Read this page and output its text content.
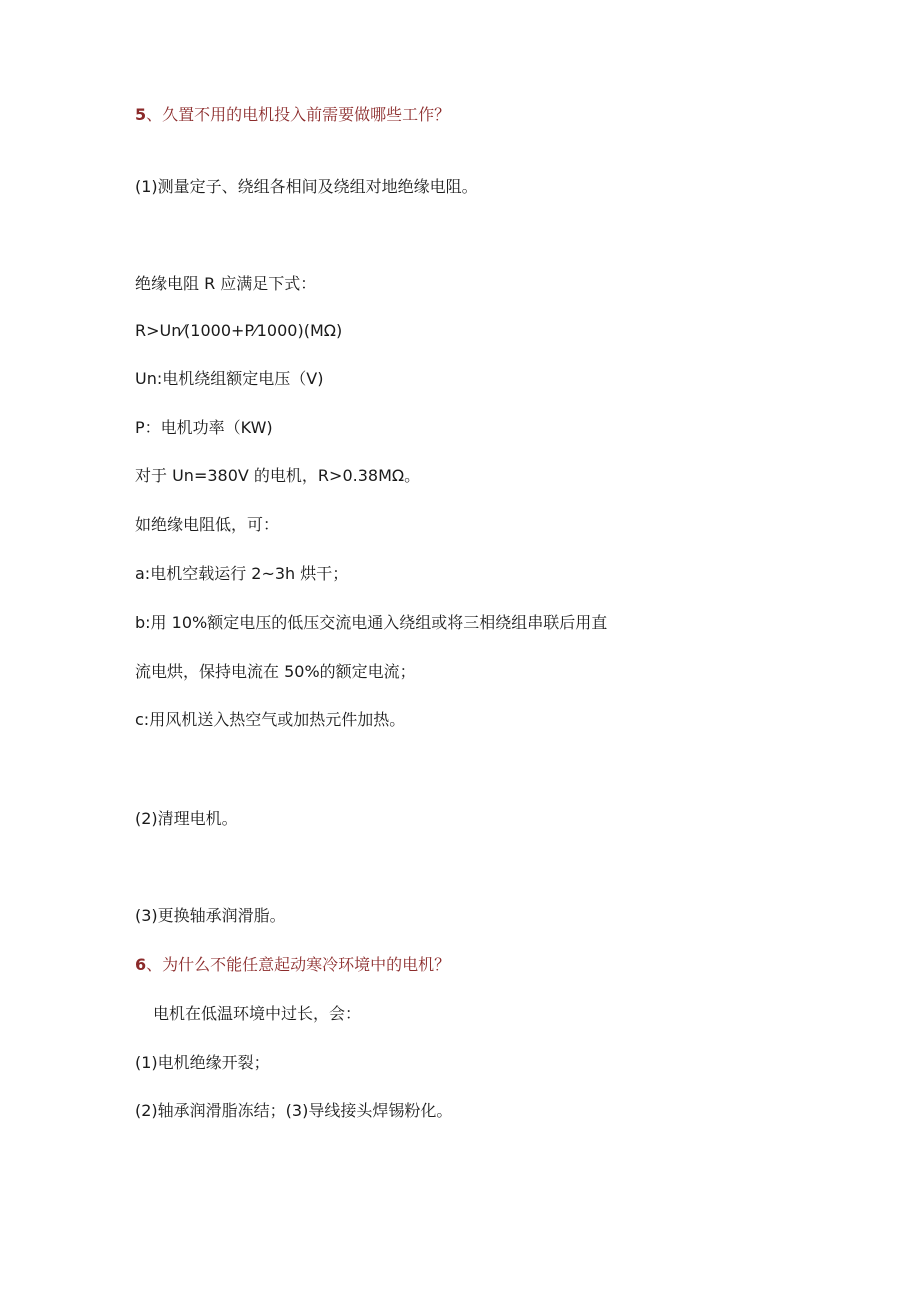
5、久置不用的电机投入前需要做哪些工作？

(1)测量定子、绕组各相间及绕组对地绝缘电阻。

绝缘电阻 R 应满足下式：

R>Un⁄(1000+P⁄1000)(MΩ)

Un:电机绕组额定电压（V)

P：电机功率（KW)

对于 Un=380V 的电机，R>0.38MΩ。

如绝缘电阻低，可：

a:电机空载运行 2~3h 烘干；

b:用 10%额定电压的低压交流电通入绕组或将三相绕组串联后用直

流电烘，保持电流在 50%的额定电流；

c:用风机送入热空气或加热元件加热。

(2)清理电机。

(3)更换轴承润滑脂。

6、为什么不能任意起动寒冷环境中的电机？

电机在低温环境中过长，会：

(1)电机绝缘开裂；

(2)轴承润滑脂冻结；(3)导线接头焊锡粉化。
